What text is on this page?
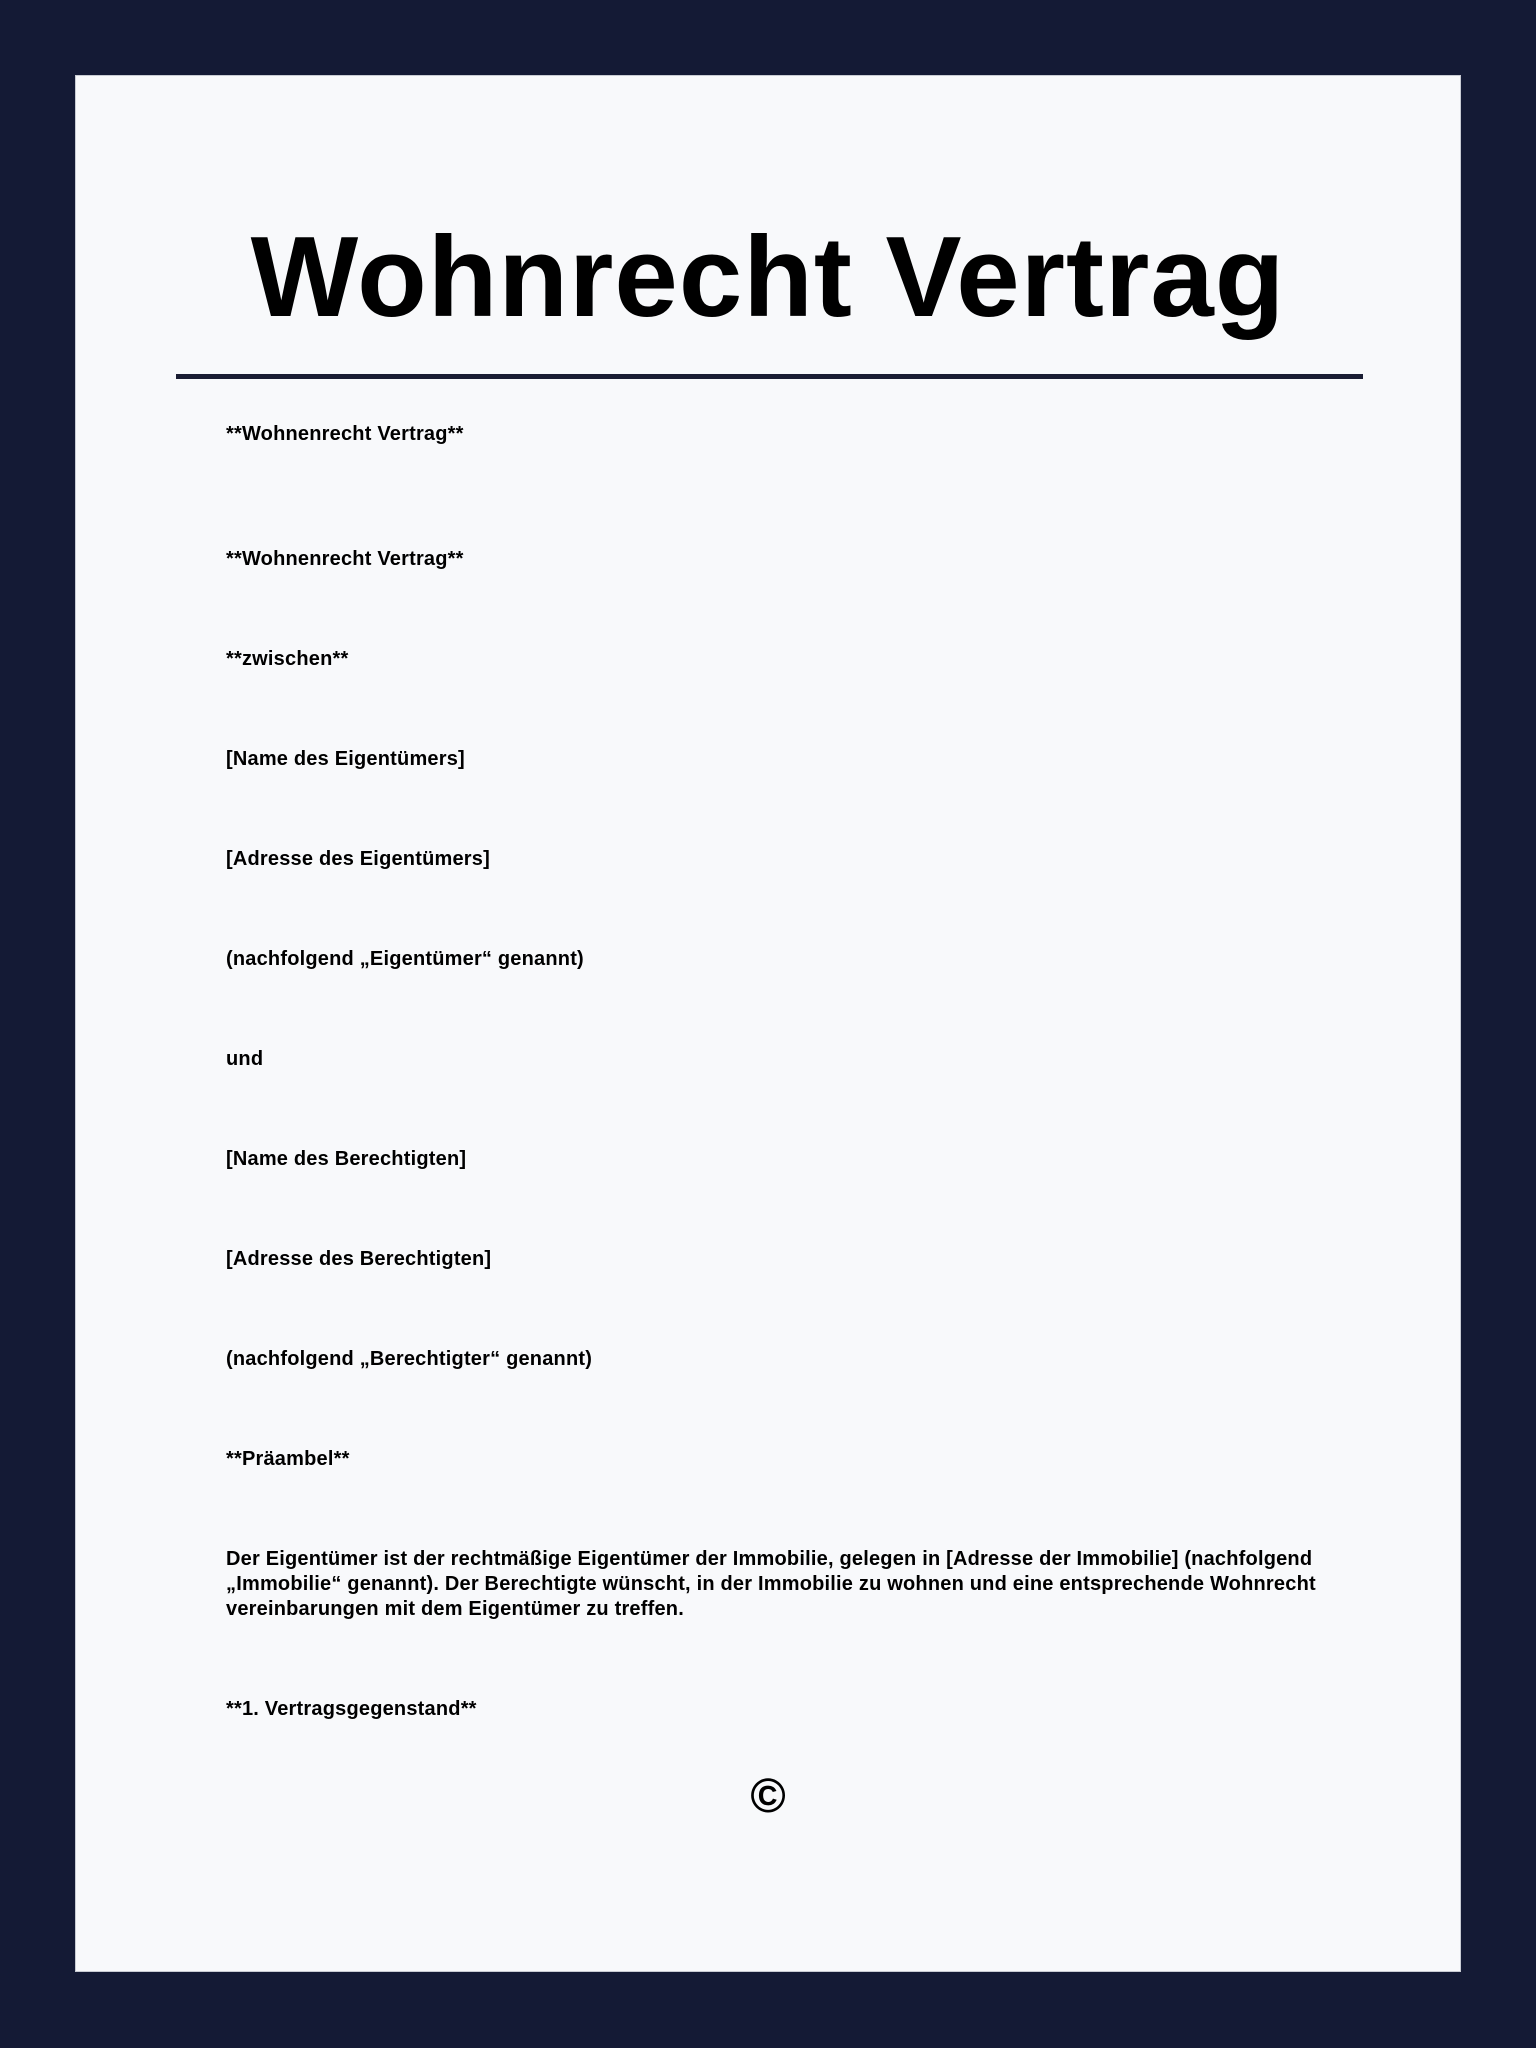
Wohnrecht Vertrag

**Wohnenrecht Vertrag**

**Wohnenrecht Vertrag**

**zwischen**

[Name des Eigentümers]

[Adresse des Eigentümers]

(nachfolgend „Eigentümer“ genannt)

und

[Name des Berechtigten]

[Adresse des Berechtigten]

(nachfolgend „Berechtigter“ genannt)

**Präambel**

Der Eigentümer ist der rechtmäßige Eigentümer der Immobilie, gelegen in [Adresse der Immobilie] (nachfolgend „Immobilie“ genannt). Der Berechtigte wünscht, in der Immobilie zu wohnen und eine entsprechende Wohnrecht vereinbarungen mit dem Eigentümer zu treffen.

**1. Vertragsgegenstand**

©
